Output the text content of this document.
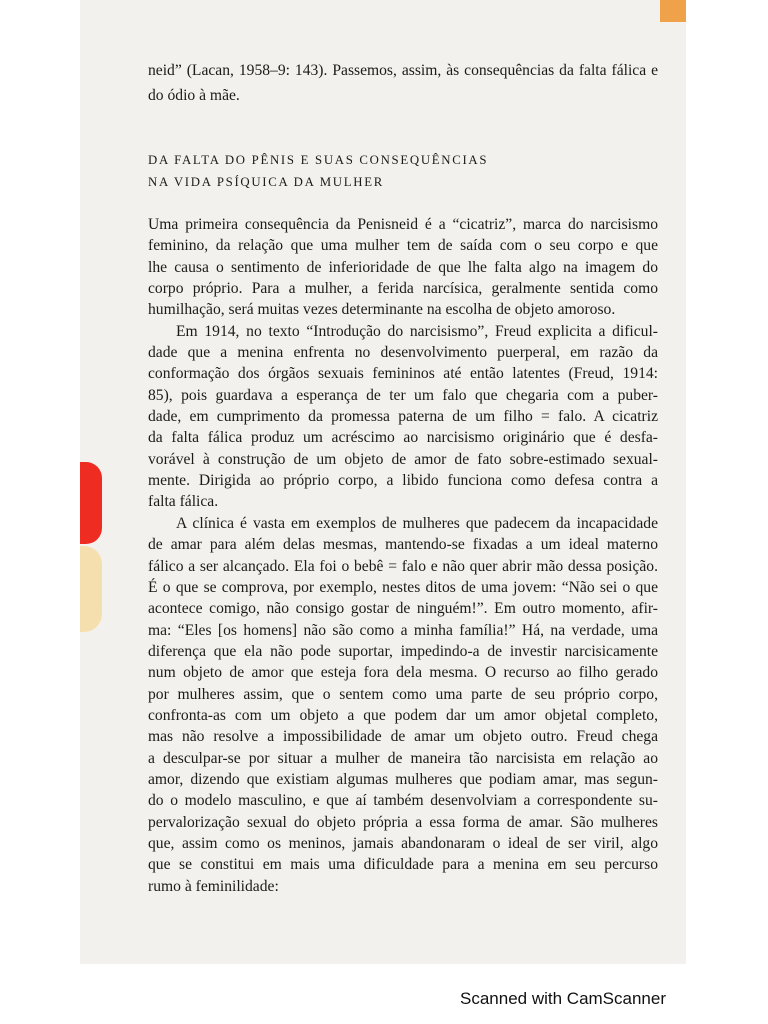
neid” (Lacan, 1958–9: 143). Passemos, assim, às consequências da falta fálica e
do ódio à mãe.
DA FALTA DO PÊNIS E SUAS CONSEQUÊNCIAS
NA VIDA PSÍQUICA DA MULHER

Uma primeira consequência da Penisneid é a “cicatriz”, marca do narcisismo
feminino, da relação que uma mulher tem de saída com o seu corpo e que
lhe causa o sentimento de inferioridade de que lhe falta algo na imagem do
corpo próprio. Para a mulher, a ferida narcísica, geralmente sentida como
humilhação, será muitas vezes determinante na escolha de objeto amoroso.

Em 1914, no texto “Introdução do narcisismo”, Freud explicita a dificul-
dade que a menina enfrenta no desenvolvimento puerperal, em razão da
conformação dos órgãos sexuais femininos até então latentes (Freud, 1914:
85), pois guardava a esperança de ter um falo que chegaria com a puber-
dade, em cumprimento da promessa paterna de um filho = falo. A cicatriz
da falta fálica produz um acréscimo ao narcisismo originário que é desfa-
vorável à construção de um objeto de amor de fato sobre-estimado sexual-
mente. Dirigida ao próprio corpo, a libido funciona como defesa contra a
falta fálica.

A clínica é vasta em exemplos de mulheres que padecem da incapacidade
de amar para além delas mesmas, mantendo-se fixadas a um ideal materno
fálico a ser alcançado. Ela foi o bebê = falo e não quer abrir mão dessa posição.
É o que se comprova, por exemplo, nestes ditos de uma jovem: “Não sei o que
acontece comigo, não consigo gostar de ninguém!”. Em outro momento, afir-
ma: “Eles [os homens] não são como a minha família!” Há, na verdade, uma
diferença que ela não pode suportar, impedindo-a de investir narcisicamente
num objeto de amor que esteja fora dela mesma. O recurso ao filho gerado
por mulheres assim, que o sentem como uma parte de seu próprio corpo,
confronta-as com um objeto a que podem dar um amor objetal completo,
mas não resolve a impossibilidade de amar um objeto outro. Freud chega
a desculpar-se por situar a mulher de maneira tão narcisista em relação ao
amor, dizendo que existiam algumas mulheres que podiam amar, mas segun-
do o modelo masculino, e que aí também desenvolviam a correspondente su-
pervalorização sexual do objeto própria a essa forma de amar. São mulheres
que, assim como os meninos, jamais abandonaram o ideal de ser viril, algo
que se constitui em mais uma dificuldade para a menina em seu percurso
rumo à feminilidade:

Scanned with CamScanner
